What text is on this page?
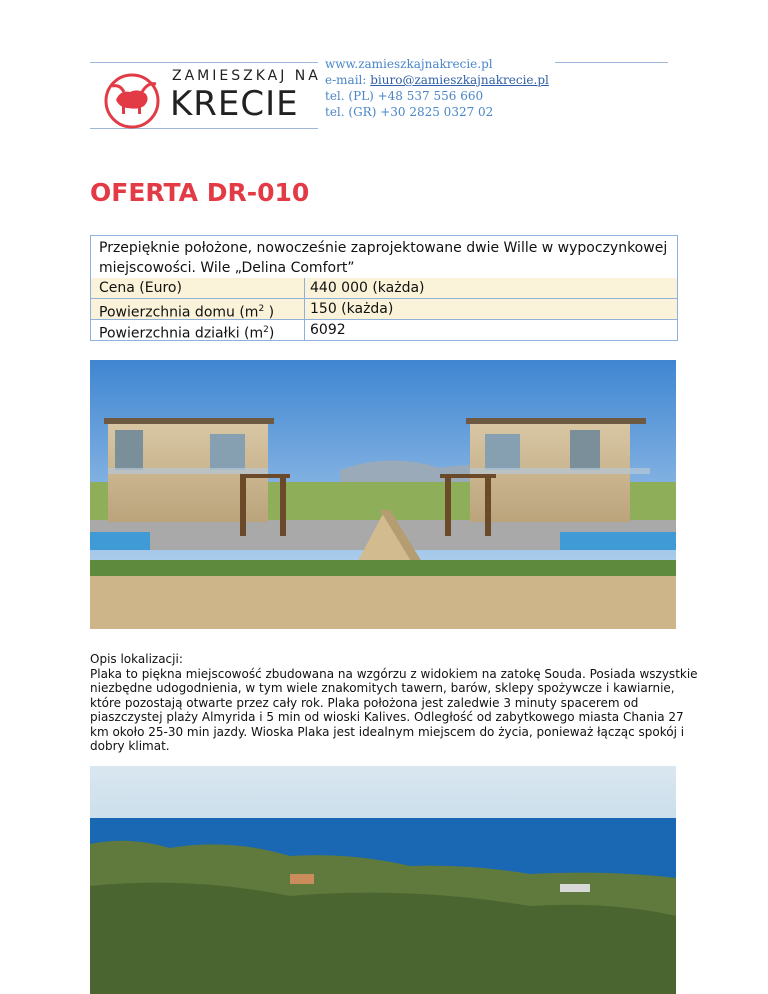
ZAMIESZKAJ NA
KRECIE
www.zamieszkajnakrecie.pl
e-mail: biuro@zamieszkajnakrecie.pl
tel. (PL) +48 537 556 660
tel. (GR) +30 2825 0327 02
OFERTA DR-010
Przepięknie położone, nowocześnie zaprojektowane dwie Wille w wypoczynkowej miejscowości. Wile „Delina Comfort”
Cena (Euro)	440 000 (każda)
Powierzchnia domu ($m^2$ )	150 (każda)
Powierzchnia działki $(m^2)$	6092

Opis lokalizacji:

Plaka to piękna miejscowość zbudowana na wzgórzu z widokiem na zatokę Souda. Posiada wszystkie niezbędne udogodnienia, w tym wiele znakomitych tawern, barów, sklepy spożywcze i kawiarnie, które pozostają otwarte przez cały rok. Plaka położona jest zaledwie 3 minuty spacerem od piaszczystej plaży Almyrida i 5 min od wioski Kalives. Odległość od zabytkowego miasta Chania 27 km około 25-30 min jazdy. Wioska Plaka jest idealnym miejscem do życia, ponieważ łącząc spokój i dobry klimat.
